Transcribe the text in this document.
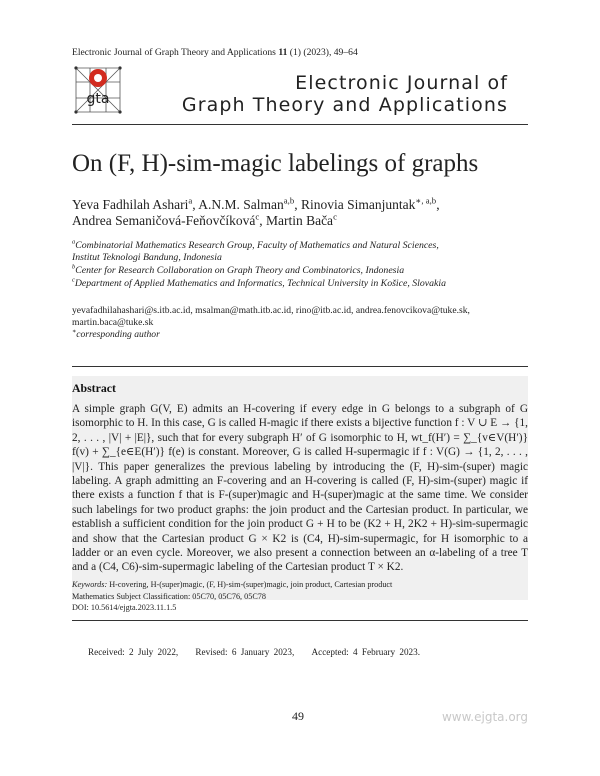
Electronic Journal of Graph Theory and Applications 11 (1) (2023), 49–64
gta
Electronic Journal of
Graph Theory and Applications
On (F, H)-sim-magic labelings of graphs
Yeva Fadhilah Ashari$^a$, A.N.M. Salman$^{a,b}$, Rinovia Simanjuntak$^{∗, a,b}$,
Andrea Semaničová-Feňovčíková$^c$, Martin Bača$^c$
$^a$Combinatorial Mathematics Research Group, Faculty of Mathematics and Natural Sciences,
Institut Teknologi Bandung, Indonesia
$^b$Center for Research Collaboration on Graph Theory and Combinatorics, Indonesia
$^c$Department of Applied Mathematics and Informatics, Technical University in Košice, Slovakia
yevafadhilahashari@s.itb.ac.id, msalman@math.itb.ac.id, rino@itb.ac.id, andrea.fenovcikova@tuke.sk, martin.baca@tuke.sk
∗corresponding author
Abstract
A simple graph G(V, E) admits an H-covering if every edge in G belongs to a subgraph of G isomorphic to H. In this case, G is called H-magic if there exists a bijective function f : V ∪ E → {1, 2, . . . , |V| + |E|}, such that for every subgraph H′ of G isomorphic to H, wt_f(H′) = ∑_{v∈V(H′)} f(v) + ∑_{e∈E(H′)} f(e) is constant. Moreover, G is called H-supermagic if f : V(G) → {1, 2, . . . , |V|}. This paper generalizes the previous labeling by introducing the (F, H)-sim-(super) magic labeling. A graph admitting an F-covering and an H-covering is called (F, H)-sim-(super) magic if there exists a function f that is F-(super)magic and H-(super)magic at the same time. We consider such labelings for two product graphs: the join product and the Cartesian product. In particular, we establish a sufficient condition for the join product G + H to be (K2 + H, 2K2 + H)-sim-supermagic and show that the Cartesian product G × K2 is (C4, H)-sim-supermagic, for H isomorphic to a ladder or an even cycle. Moreover, we also present a connection between an α-labeling of a tree T and a (C4, C6)-sim-supermagic labeling of the Cartesian product T × K2.
Keywords: H-covering, H-(super)magic, (F, H)-sim-(super)magic, join product, Cartesian product
Mathematics Subject Classification: 05C70, 05C76, 05C78
DOI: 10.5614/ejgta.2023.11.1.5
Received: 2 July 2022, Revised: 6 January 2023, Accepted: 4 February 2023.
49	www.ejgta.org
